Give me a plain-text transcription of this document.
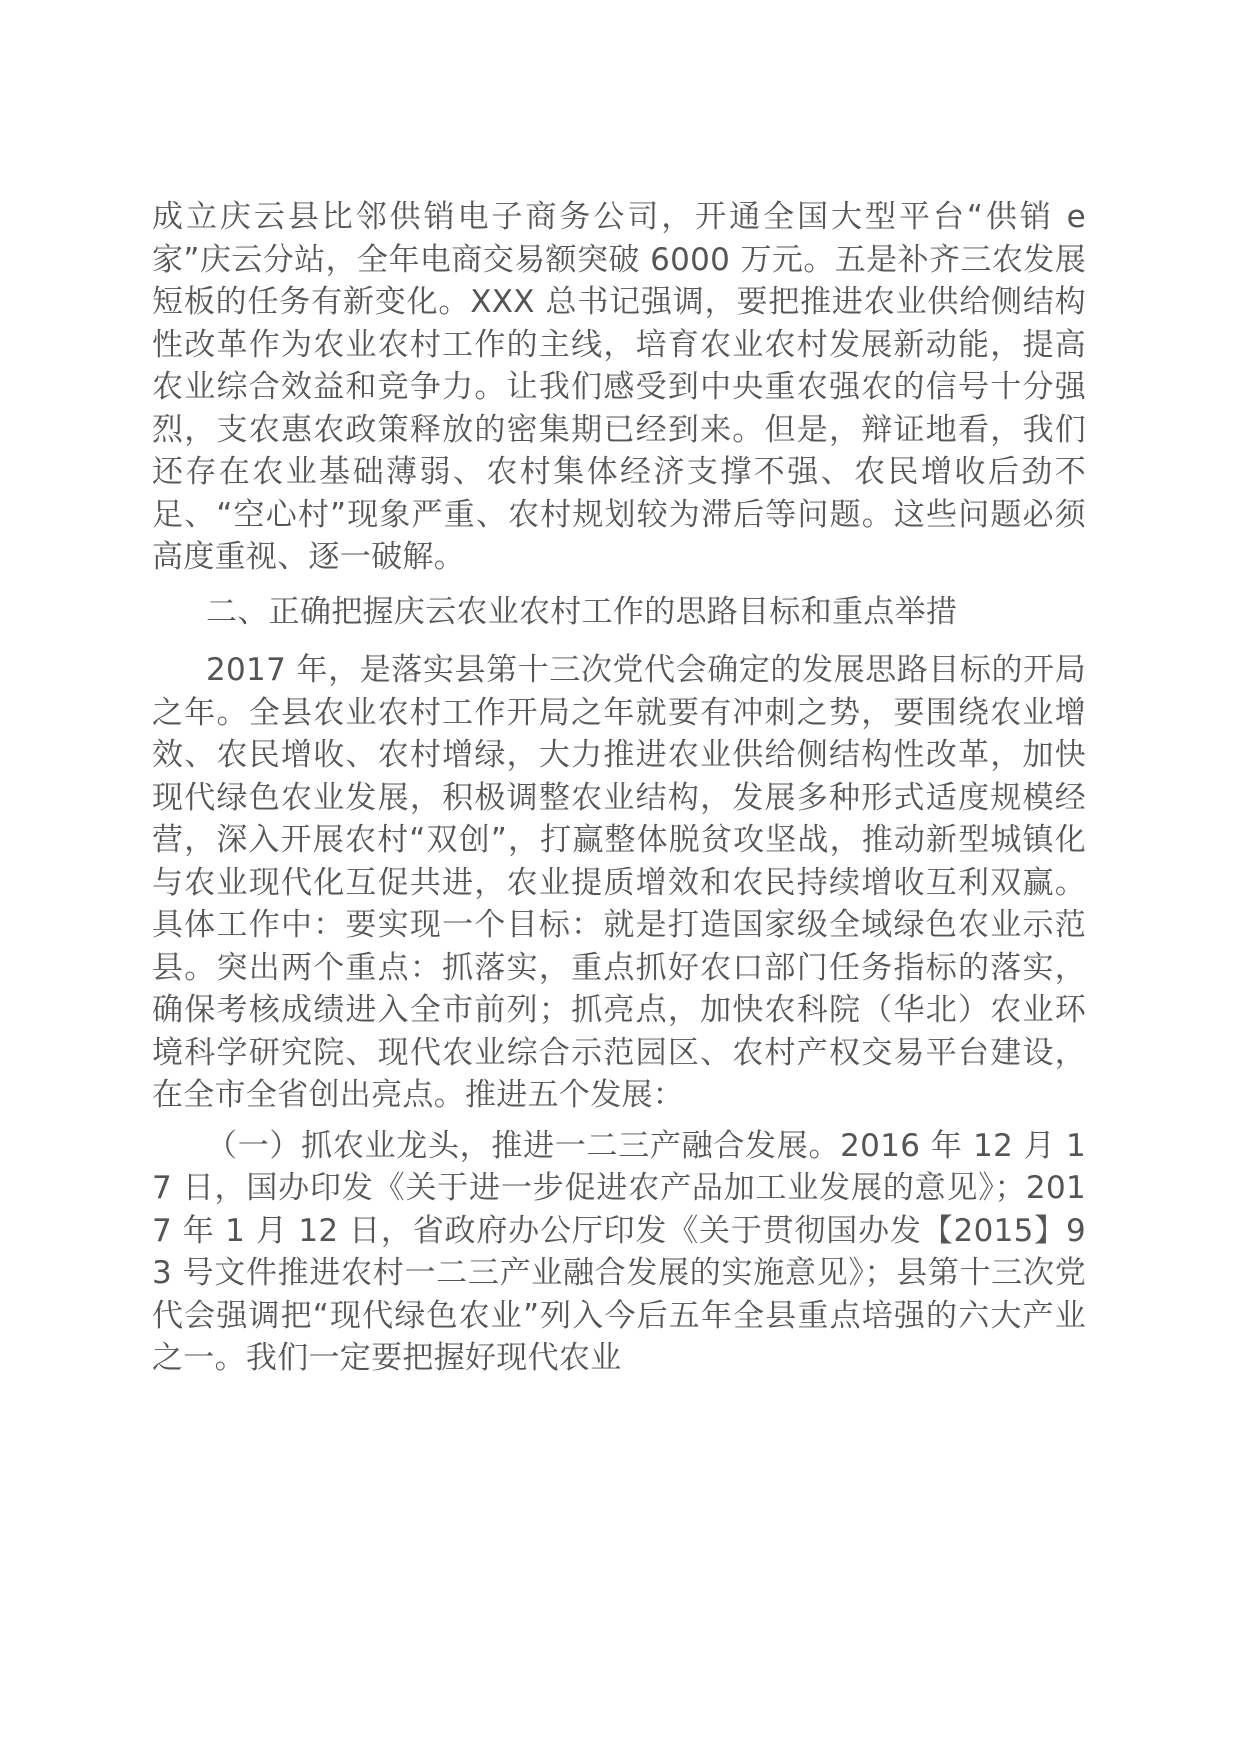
成立庆云县比邻供销电子商务公司，开通全国大型平台“供销 e 家”庆云分站，全年电商交易额突破 6000 万元。五是补齐三农发展短板的任务有新变化。XXX 总书记强调，要把推进农业供给侧结构性改革作为农业农村工作的主线，培育农业农村发展新动能，提高农业综合效益和竞争力。让我们感受到中央重农强农的信号十分强烈，支农惠农政策释放的密集期已经到来。但是，辩证地看，我们还存在农业基础薄弱、农村集体经济支撑不强、农民增收后劲不足、“空心村”现象严重、农村规划较为滞后等问题。这些问题必须高度重视、逐一破解。

二、正确把握庆云农业农村工作的思路目标和重点举措

2017 年，是落实县第十三次党代会确定的发展思路目标的开局之年。全县农业农村工作开局之年就要有冲刺之势，要围绕农业增效、农民增收、农村增绿，大力推进农业供给侧结构性改革，加快现代绿色农业发展，积极调整农业结构，发展多种形式适度规模经营，深入开展农村“双创”，打赢整体脱贫攻坚战，推动新型城镇化与农业现代化互促共进，农业提质增效和农民持续增收互利双赢。具体工作中：要实现一个目标：就是打造国家级全域绿色农业示范县。突出两个重点：抓落实，重点抓好农口部门任务指标的落实，确保考核成绩进入全市前列；抓亮点，加快农科院（华北）农业环境科学研究院、现代农业综合示范园区、农村产权交易平台建设，在全市全省创出亮点。推进五个发展：

（一）抓农业龙头，推进一二三产融合发展。2016 年 12 月 17 日，国办印发《关于进一步促进农产品加工业发展的意见》；2017 年 1 月 12 日，省政府办公厅印发《关于贯彻国办发【2015】93 号文件推进农村一二三产业融合发展的实施意见》；县第十三次党代会强调把“现代绿色农业”列入今后五年全县重点培强的六大产业之一。我们一定要把握好现代农业
